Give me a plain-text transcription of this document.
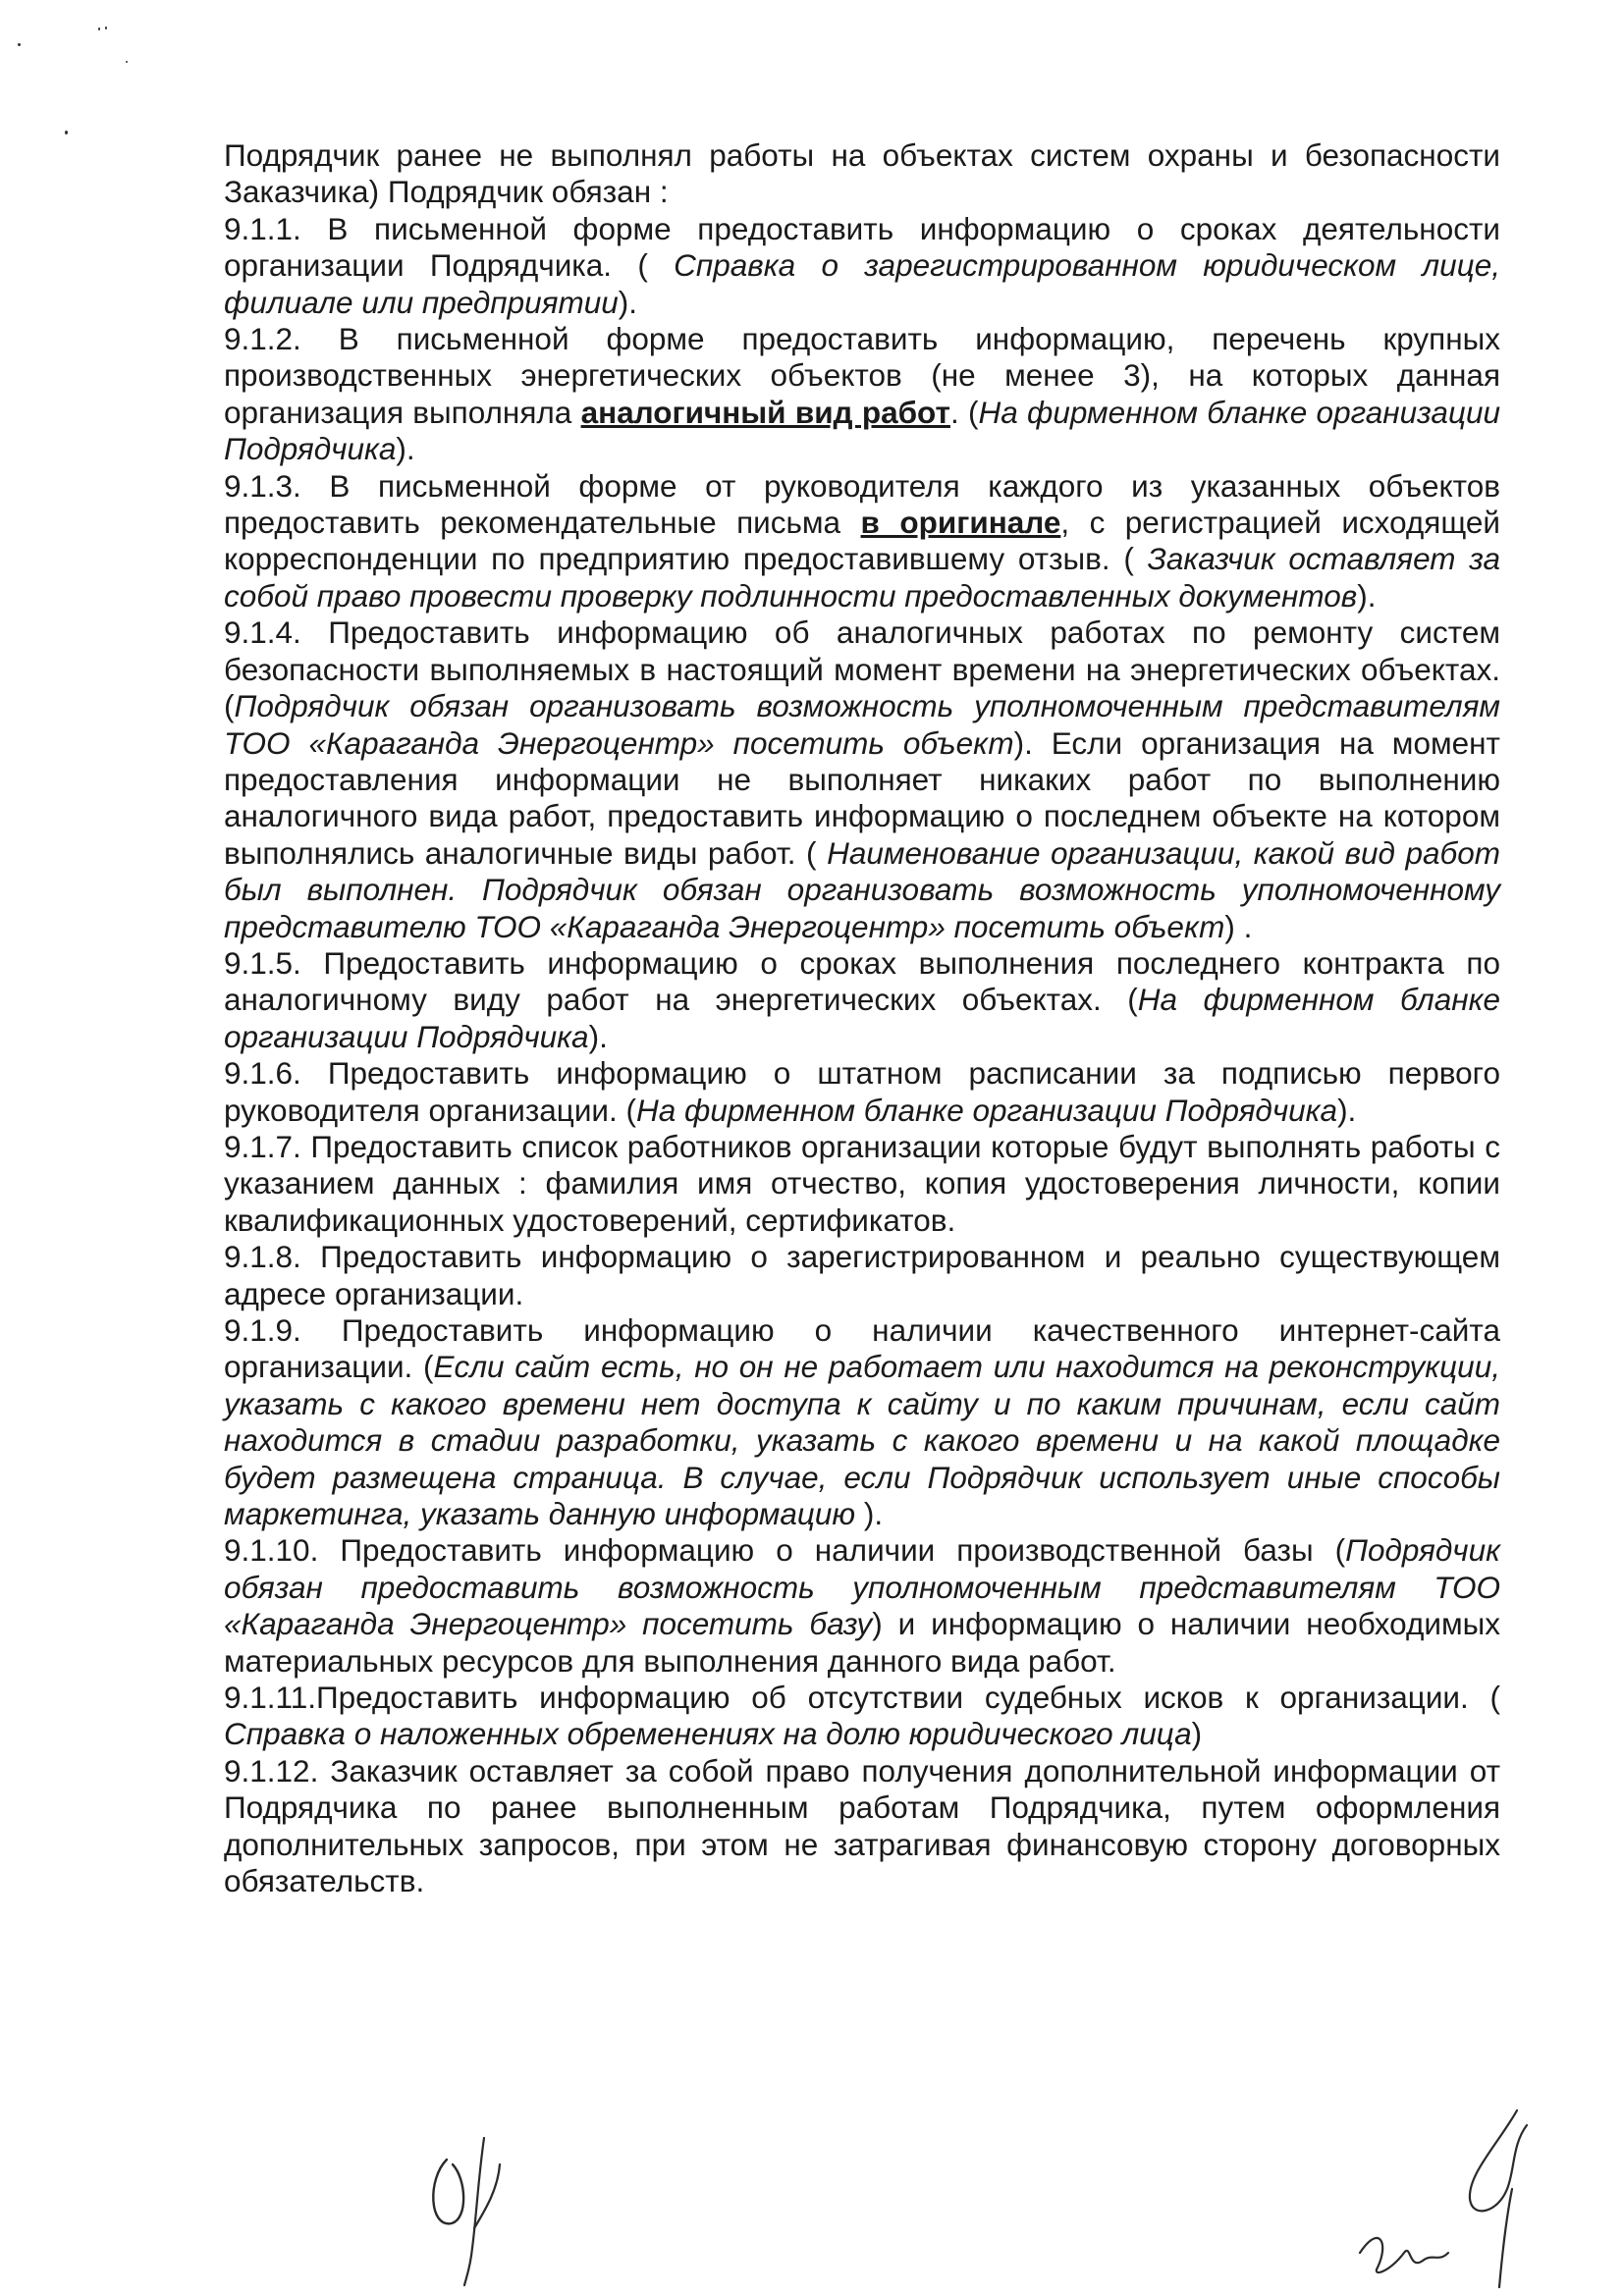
Подрядчик ранее не выполнял работы на объектах систем охраны и безопасности Заказчика) Подрядчик обязан :

9.1.1. В письменной форме предоставить информацию о сроках деятельности организации Подрядчика. ( Справка о зарегистрированном юридическом лице, филиале или предприятии).

9.1.2. В письменной форме предоставить информацию, перечень крупных производственных энергетических объектов (не менее 3), на которых данная организация выполняла аналогичный вид работ. (На фирменном бланке организации Подрядчика).

9.1.3. В письменной форме от руководителя каждого из указанных объектов предоставить рекомендательные письма в оригинале, с регистрацией исходящей корреспонденции по предприятию предоставившему отзыв. ( Заказчик оставляет за собой право провести проверку подлинности предоставленных документов).

9.1.4. Предоставить информацию об аналогичных работах по ремонту систем безопасности выполняемых в настоящий момент времени на энергетических объектах. (Подрядчик обязан организовать возможность уполномоченным представителям ТОО «Караганда Энергоцентр» посетить объект). Если организация на момент предоставления информации не выполняет никаких работ по выполнению аналогичного вида работ, предоставить информацию о последнем объекте на котором выполнялись аналогичные виды работ. ( Наименование организации, какой вид работ был выполнен. Подрядчик обязан организовать возможность уполномоченному представителю ТОО «Караганда Энергоцентр» посетить объект) .

9.1.5. Предоставить информацию о сроках выполнения последнего контракта по аналогичному виду работ на энергетических объектах. (На фирменном бланке организации Подрядчика).

9.1.6. Предоставить информацию о штатном расписании за подписью первого руководителя организации. (На фирменном бланке организации Подрядчика).

9.1.7. Предоставить список работников организации которые будут выполнять работы с указанием данных : фамилия имя отчество, копия удостоверения личности, копии квалификационных удостоверений, сертификатов.

9.1.8. Предоставить информацию о зарегистрированном и реально существующем адресе организации.

9.1.9. Предоставить информацию о наличии качественного интернет-сайта организации. (Если сайт есть, но он не работает или находится на реконструкции, указать с какого времени нет доступа к сайту и по каким причинам, если сайт находится в стадии разработки, указать с какого времени и на какой площадке будет размещена страница. В случае, если Подрядчик использует иные способы маркетинга, указать данную информацию ).

9.1.10. Предоставить информацию о наличии производственной базы (Подрядчик обязан предоставить возможность уполномоченным представителям ТОО «Караганда Энергоцентр» посетить базу) и информацию о наличии необходимых материальных ресурсов для выполнения данного вида работ.

9.1.11.Предоставить информацию об отсутствии судебных исков к организации. ( Справка о наложенных обременениях на долю юридического лица)

9.1.12. Заказчик оставляет за собой право получения дополнительной информации от Подрядчика по ранее выполненным работам Подрядчика, путем оформления дополнительных запросов, при этом не затрагивая финансовую сторону договорных обязательств.
